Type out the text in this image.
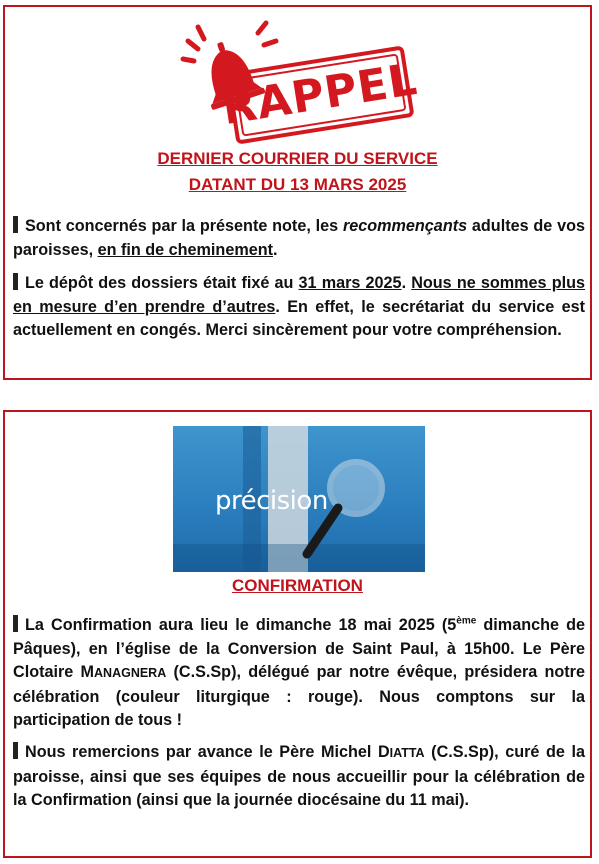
RAPPEL
DERNIER COURRIER DU SERVICE
DATANT DU 13 MARS 2025
Sont concernés par la présente note, les recommençants adultes de vos paroisses, en fin de cheminement.
Le dépôt des dossiers était fixé au 31 mars 2025. Nous ne sommes plus en mesure d’en prendre d’autres. En effet, le secrétariat du service est actuellement en congés. Merci sincèrement pour votre compréhension.
précision
CONFIRMATION
La Confirmation aura lieu le dimanche 18 mai 2025 (5ème dimanche de Pâques), en l’église de la Conversion de Saint Paul, à 15h00. Le Père Clotaire MANAGNERA (C.S.Sp), délégué par notre évêque, présidera notre célébration (couleur liturgique : rouge). Nous comptons sur la participation de tous !
Nous remercions par avance le Père Michel DIATTA (C.S.Sp), curé de la paroisse, ainsi que ses équipes de nous accueillir pour la célébration de la Confirmation (ainsi que la journée diocésaine du 11 mai).
